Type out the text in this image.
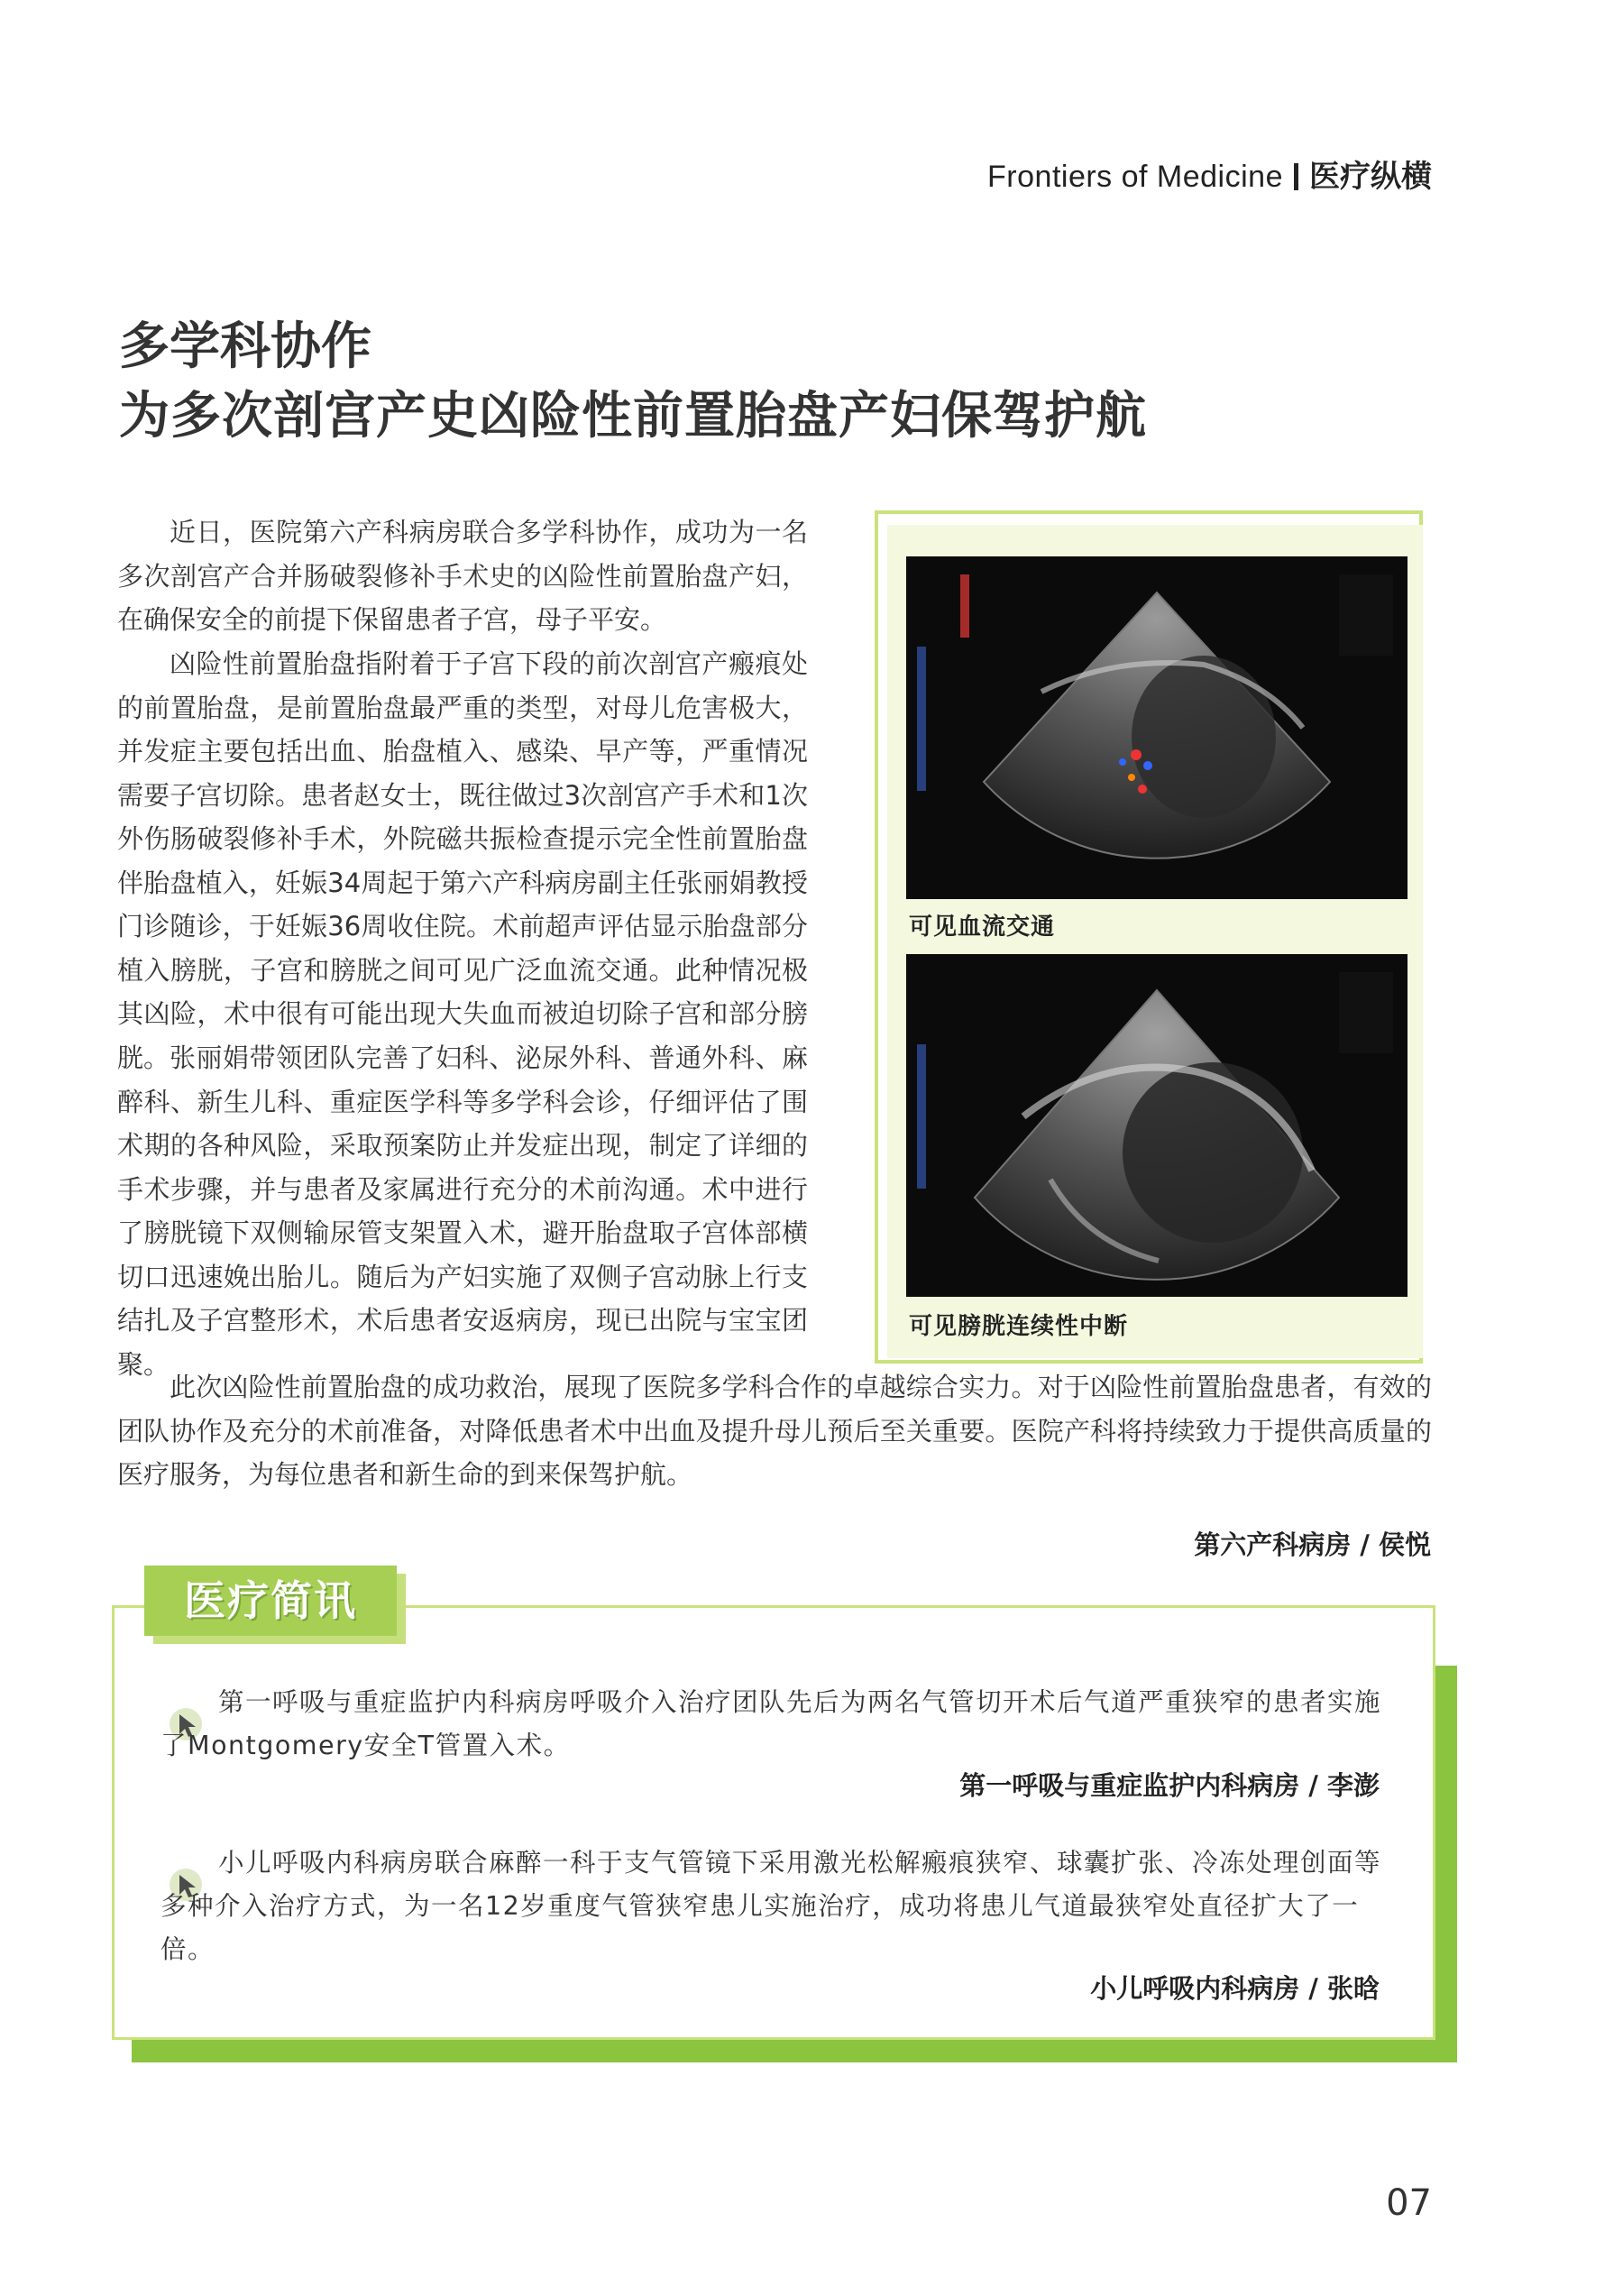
Frontiers of Medicine 医疗纵横
多学科协作
为多次剖宫产史凶险性前置胎盘产妇保驾护航

近日，医院第六产科病房联合多学科协作，成功为一名多次剖宫产合并肠破裂修补手术史的凶险性前置胎盘产妇，在确保安全的前提下保留患者子宫，母子平安。

凶险性前置胎盘指附着于子宫下段的前次剖宫产瘢痕处的前置胎盘，是前置胎盘最严重的类型，对母儿危害极大，并发症主要包括出血、胎盘植入、感染、早产等，严重情况需要子宫切除。患者赵女士，既往做过3次剖宫产手术和1次外伤肠破裂修补手术，外院磁共振检查提示完全性前置胎盘伴胎盘植入，妊娠34周起于第六产科病房副主任张丽娟教授门诊随诊，于妊娠36周收住院。术前超声评估显示胎盘部分植入膀胱，子宫和膀胱之间可见广泛血流交通。此种情况极其凶险，术中很有可能出现大失血而被迫切除子宫和部分膀胱。 张丽娟带领团队完善了妇科、泌尿外科、普通外科、麻醉科、新生儿科、重症医学科等多学科会诊，仔细评估了围术期的各种风险，采取预案防止并发症出现，制定了详细的手术步骤，并与患者及家属进行充分的术前沟通。术中进行了膀胱镜下双侧输尿管支架置入术，避开胎盘取子宫体部横切口迅速娩出胎儿。随后为产妇实施了双侧子宫动脉上行支结扎及子宫整形术，术后患者安返病房，现已出院与宝宝团聚。

此次凶险性前置胎盘的成功救治，展现了医院多学科合作的卓越综合实力。对于凶险性前置胎盘患者，有效的团队协作及充分的术前准备，对降低患者术中出血及提升母儿预后至关重要。医院产科将持续致力于提供高质量的医疗服务，为每位患者和新生命的到来保驾护航。

第六产科病房 / 侯悦
可见血流交通
可见膀胱连续性中断
医疗简讯

第一呼吸与重症监护内科病房呼吸介入治疗团队先后为两名气管切开术后气道严重狭窄的患者实施了Montgomery安全T管置入术。

第一呼吸与重症监护内科病房 / 李澎

小儿呼吸内科病房联合麻醉一科于支气管镜下采用激光松解瘢痕狭窄、球囊扩张、冷冻处理创面等多种介入治疗方式，为一名12岁重度气管狭窄患儿实施治疗，成功将患儿气道最狭窄处直径扩大了一倍。

小儿呼吸内科病房 / 张晗
07
